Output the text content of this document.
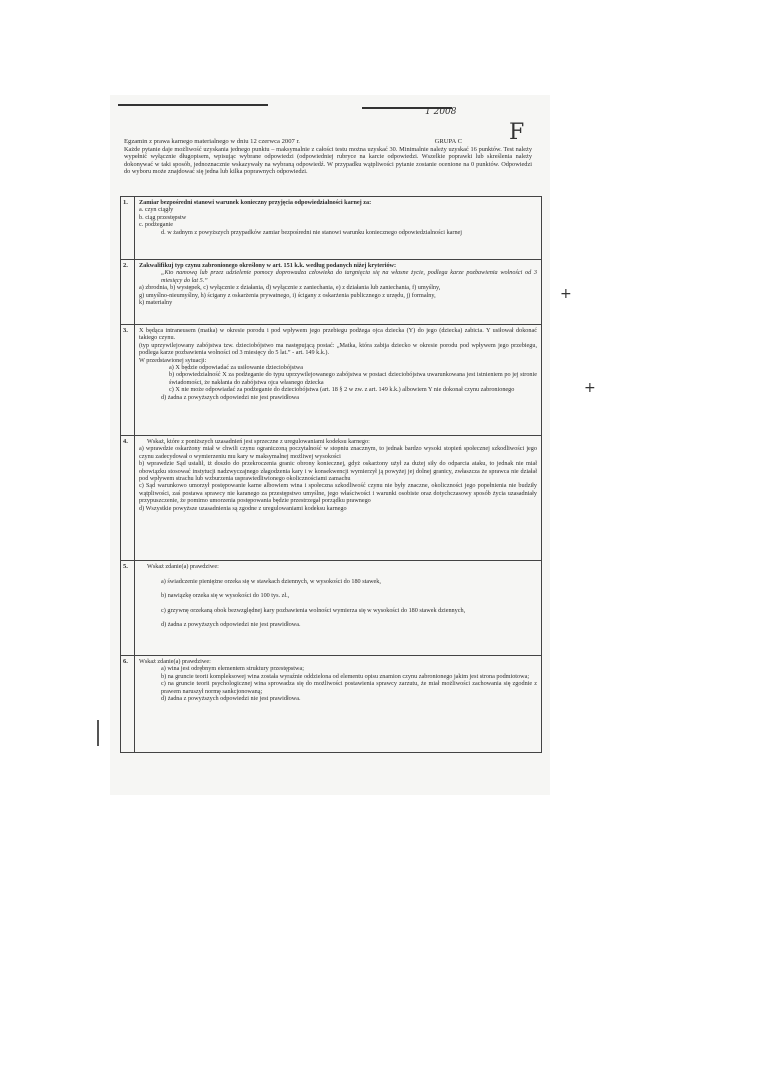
1 2008
F
Egzamin z prawa karnego materialnego w dniu 12 czerwca 2007 r.	GRUPA C
Każde pytanie daje możliwość uzyskania jednego punktu – maksymalnie z całości testu można uzyskać 30. Minimalnie należy uzyskać 16 punktów. Test należy wypełnić wyłącznie długopisem, wpisując wybrane odpowiedzi (odpowiedniej rubryce na karcie odpowiedzi. Wszelkie poprawki lub skreślenia należy dokonywać w taki sposób, jednoznacznie wskazywały na wybraną odpowiedź. W przypadku wątpliwości pytanie zostanie ocenione na 0 punktów. Odpowiedzi do wyboru może znajdować się jedna lub kilka poprawnych odpowiedzi.
1.	Zamiar bezpośredni stanowi warunek konieczny przyjęcia odpowiedzialności karnej za:
a. czyn ciągły
b. ciąg przestępstw
c. podżeganie
d. w żadnym z powyższych przypadków zamiar bezpośredni nie stanowi warunku koniecznego odpowiedzialności karnej
2.	Zakwalifikuj typ czynu zabronionego określony w art. 151 k.k. według podanych niżej kryteriów:
„Kto namową lub przez udzielenie pomocy doprowadza człowieka do targnięcia się na własne życie, podlega karze pozbawienia wolności od 3 miesięcy do lat 5.”
a) zbrodnia, b) występek, c) wyłącznie z działania, d) wyłącznie z zaniechania, e) z działania lub zaniechania, f) umyślny,
g) umyślno-nieumyślny, h) ścigany z oskarżenia prywatnego, i) ścigany z oskarżenia publicznego z urzędu, j) formalny,
k) materialny
3.	X będąca intraneusem (matka) w okresie porodu i pod wpływem jego przebiegu podżega ojca dziecka (Y) do jego (dziecka) zabicia. Y usiłował dokonać takiego czynu.
(typ uprzywilejowany zabójstwa tzw. dzieciobójstwo ma następującą postać: „Matka, która zabija dziecko w okresie porodu pod wpływem jego przebiegu, podlega karze pozbawienia wolności od 3 miesięcy do 5 lat.” - art. 149 k.k.).
W przedstawionej sytuacji:
a) X będzie odpowiadać za usiłowanie dzieciobójstwa
b) odpowiedzialność X za podżeganie do typu uprzywilejowanego zabójstwa w postaci dzieciobójstwa uwarunkowana jest istnieniem po jej stronie świadomości, że nakłania do zabójstwa ojca własnego dziecka
c) X nie może odpowiadać za podżeganie do dzieciobójstwa (art. 18 § 2 w zw. z art. 149 k.k.) albowiem Y nie dokonał czynu zabronionego
d) żadna z powyższych odpowiedzi nie jest prawidłowa
4.	Wskaż, które z poniższych uzasadnień jest sprzeczne z uregulowaniami kodeksu karnego:
a) wprawdzie oskarżony miał w chwili czynu ograniczoną poczytalność w stopniu znacznym, to jednak bardzo wysoki stopień społecznej szkodliwości jego czynu zadecydował o wymierzeniu mu kary w maksymalnej możliwej wysokości
b) wprawdzie Sąd ustalił, iż doszło do przekroczenia granic obrony koniecznej, gdyż oskarżony użył za dużej siły do odparcia ataku, to jednak nie miał obowiązku stosować instytucji nadzwyczajnego złagodzenia kary i w konsekwencji wymierzył ją powyżej jej dolnej granicy, zwłaszcza że sprawca nie działał pod wpływem strachu lub wzburzenia usprawiedliwionego okolicznościami zamachu
c) Sąd warunkowo umorzył postępowanie karne albowiem wina i społeczna szkodliwość czynu nie były znaczne, okoliczności jego popełnienia nie budziły wątpliwości, zaś postawa sprawcy nie karanego za przestępstwo umyślne, jego właściwości i warunki osobiste oraz dotychczasowy sposób życia uzasadniały przypuszczenie, że pomimo umorzenia postępowania będzie przestrzegał porządku prawnego
d) Wszystkie powyższe uzasadnienia są zgodne z uregulowaniami kodeksu karnego
5.	Wskaż zdanie(a) prawdziwe:
a) świadczenie pieniężne orzeka się w stawkach dziennych, w wysokości do 180 stawek,
b) nawiązkę orzeka się w wysokości do 100 tys. zł.,
c) grzywnę orzekaną obok bezwzględnej kary pozbawienia wolności wymierza się w wysokości do 180 stawek dziennych,
d) żadna z powyższych odpowiedzi nie jest prawidłowa.
6.	Wskaż zdanie(a) prawdziwe:
a) wina jest odrębnym elementem struktury przestępstwa;
b) na gruncie teorii kompleksowej wina została wyraźnie oddzielona od elementu opisu znamion czynu zabronionego jakim jest strona podmiotowa;
c) na gruncie teorii psychologicznej wina sprowadza się do możliwości postawienia sprawcy zarzutu, że miał możliwości zachowania się zgodnie z prawem naruszył normę sankcjonowaną;
d) żadna z powyższych odpowiedzi nie jest prawidłowa.
+
+
